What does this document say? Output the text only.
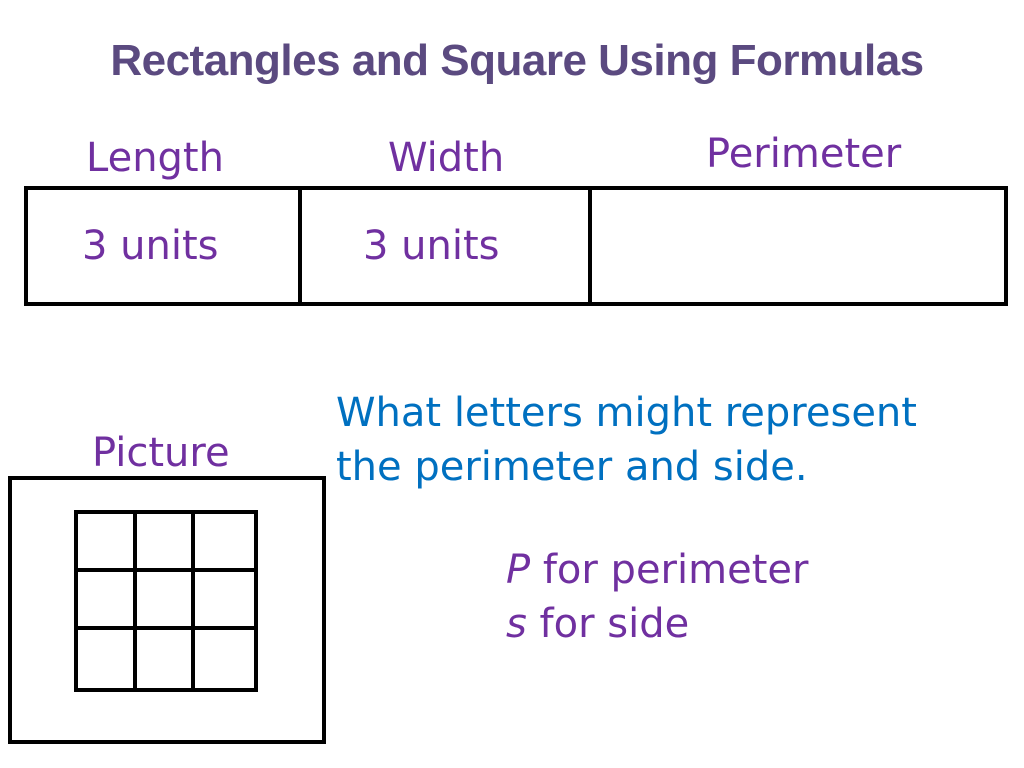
Rectangles and Square Using Formulas
Length	Width	Perimeter
3 units	3 units
Picture
What letters might represent
the perimeter and side.
P for perimeter
s for side
